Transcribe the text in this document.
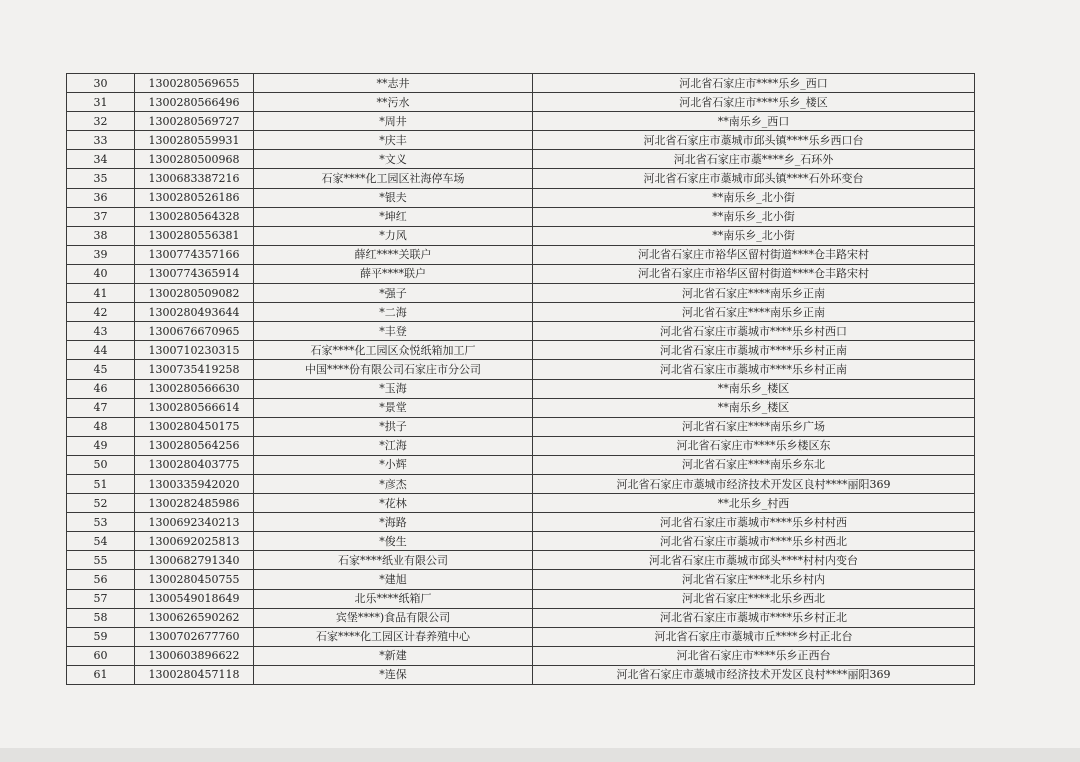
30	1300280569655	**志井	河北省石家庄市****乐乡_西口
31	1300280566496	**污水	河北省石家庄市****乐乡_楼区
32	1300280569727	*周井	**南乐乡_西口
33	1300280559931	*庆丰	河北省石家庄市藁城市邱头镇****乐乡西口台
34	1300280500968	*文义	河北省石家庄市藁****乡_石环外
35	1300683387216	石家****化工园区社海停车场	河北省石家庄市藁城市邱头镇****石外环变台
36	1300280526186	*银夫	**南乐乡_北小街
37	1300280564328	*坤红	**南乐乡_北小街
38	1300280556381	*力风	**南乐乡_北小街
39	1300774357166	薛红****关联户	河北省石家庄市裕华区留村街道****仓丰路宋村
40	1300774365914	薛平****联户	河北省石家庄市裕华区留村街道****仓丰路宋村
41	1300280509082	*强子	河北省石家庄****南乐乡正南
42	1300280493644	*二海	河北省石家庄****南乐乡正南
43	1300676670965	*丰登	河北省石家庄市藁城市****乐乡村西口
44	1300710230315	石家****化工园区众悦纸箱加工厂	河北省石家庄市藁城市****乐乡村正南
45	1300735419258	中国****份有限公司石家庄市分公司	河北省石家庄市藁城市****乐乡村正南
46	1300280566630	*玉海	**南乐乡_楼区
47	1300280566614	*景堂	**南乐乡_楼区
48	1300280450175	*拱子	河北省石家庄****南乐乡广场
49	1300280564256	*江海	河北省石家庄市****乐乡楼区东
50	1300280403775	*小辉	河北省石家庄****南乐乡东北
51	1300335942020	*彦杰	河北省石家庄市藁城市经济技术开发区良村****丽阳369
52	1300282485986	*花林	**北乐乡_村西
53	1300692340213	*海路	河北省石家庄市藁城市****乐乡村村西
54	1300692025813	*俊生	河北省石家庄市藁城市****乐乡村西北
55	1300682791340	石家****纸业有限公司	河北省石家庄市藁城市邱头****村村内变台
56	1300280450755	*建旭	河北省石家庄****北乐乡村内
57	1300549018649	北乐****纸箱厂	河北省石家庄****北乐乡西北
58	1300626590262	宾堡****)食品有限公司	河北省石家庄市藁城市****乐乡村正北
59	1300702677760	石家****化工园区计春养殖中心	河北省石家庄市藁城市丘****乡村正北台
60	1300603896622	*新建	河北省石家庄市****乐乡正西台
61	1300280457118	*连保	河北省石家庄市藁城市经济技术开发区良村****丽阳369
